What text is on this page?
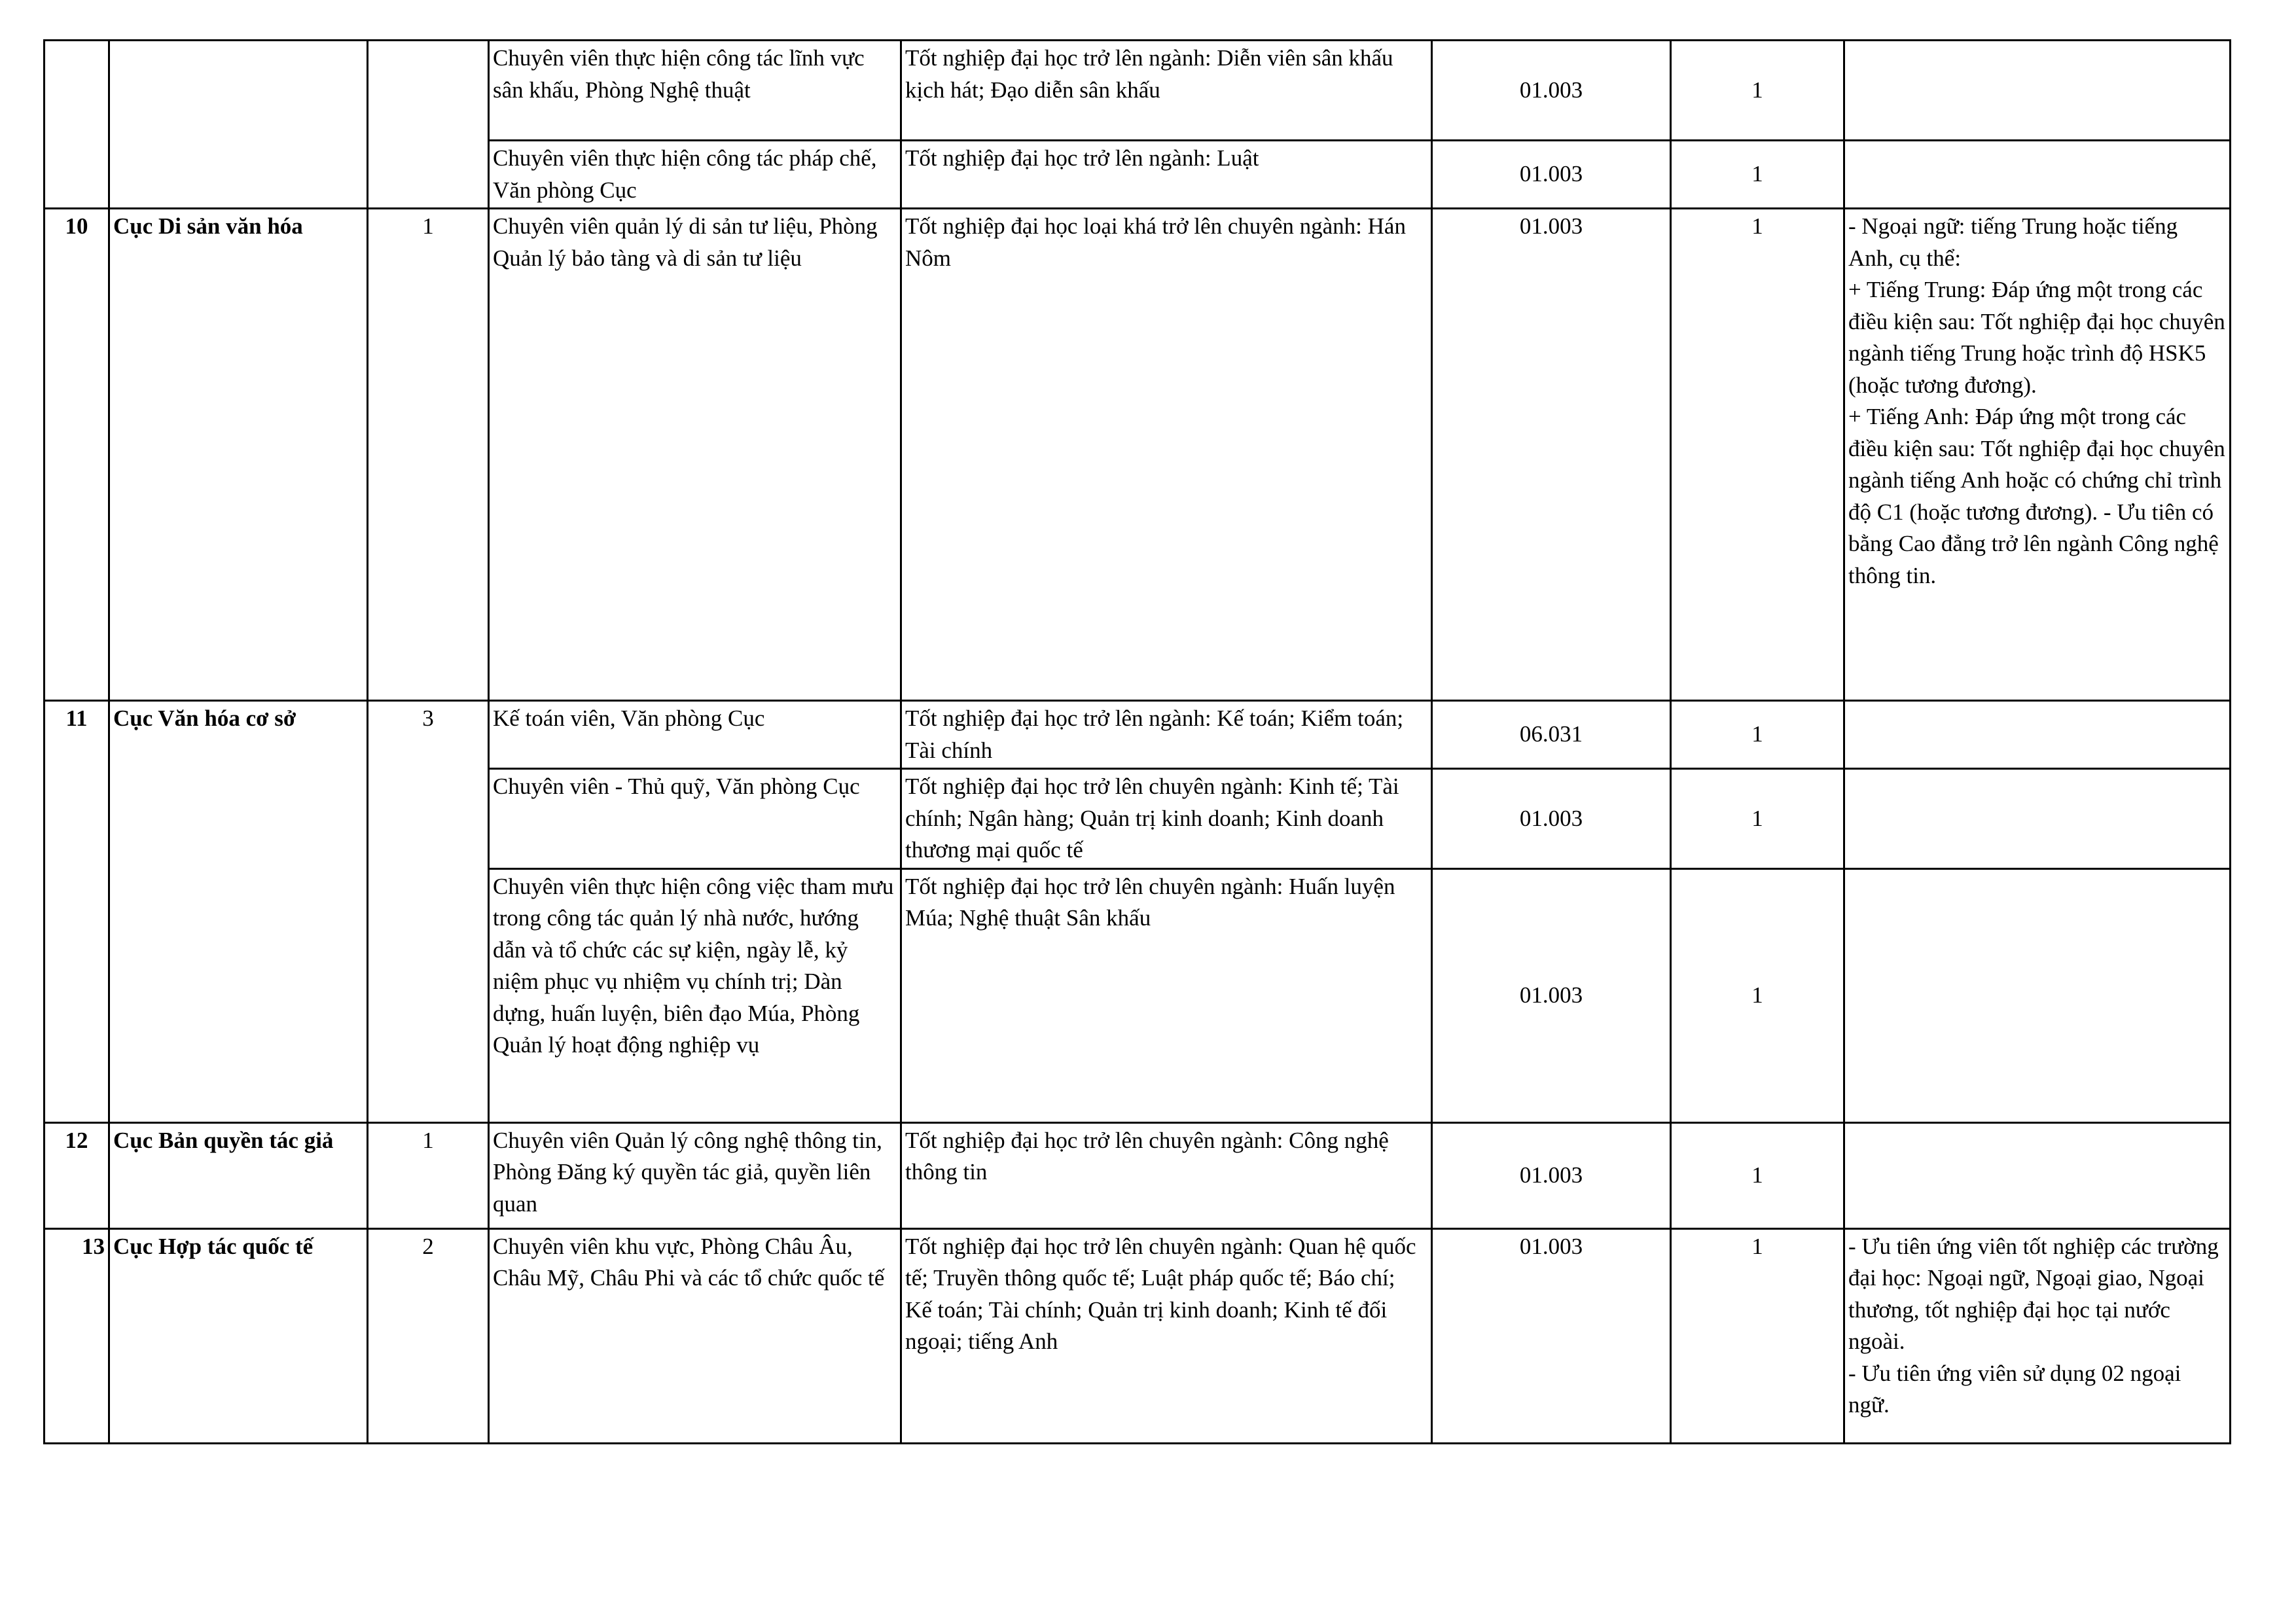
			Chuyên viên thực hiện công tác lĩnh vực sân khấu, Phòng Nghệ thuật	Tốt nghiệp đại học trở lên ngành: Diễn viên sân khấu kịch hát; Đạo diễn sân khấu	01.003	1	
			Chuyên viên thực hiện công tác pháp chế, Văn phòng Cục	Tốt nghiệp đại học trở lên ngành: Luật	01.003	1	
10	Cục Di sản văn hóa	1	Chuyên viên quản lý di sản tư liệu, Phòng Quản lý bảo tàng và di sản tư liệu	Tốt nghiệp đại học loại khá trở lên chuyên ngành: Hán Nôm	01.003	1	- Ngoại ngữ: tiếng Trung hoặc tiếng Anh, cụ thể:
+ Tiếng Trung: Đáp ứng một trong các điều kiện sau: Tốt nghiệp đại học chuyên ngành tiếng Trung hoặc trình độ HSK5 (hoặc tương đương).
+ Tiếng Anh: Đáp ứng một trong các điều kiện sau: Tốt nghiệp đại học chuyên ngành tiếng Anh hoặc có chứng chỉ trình độ C1 (hoặc tương đương). - Ưu tiên có bằng Cao đẳng trở lên ngành Công nghệ thông tin.
11	Cục Văn hóa cơ sở	3	Kế toán viên, Văn phòng Cục	Tốt nghiệp đại học trở lên ngành: Kế toán; Kiểm toán; Tài chính	06.031	1	
			Chuyên viên - Thủ quỹ, Văn phòng Cục	Tốt nghiệp đại học trở lên chuyên ngành: Kinh tế; Tài chính; Ngân hàng; Quản trị kinh doanh; Kinh doanh thương mại quốc tế	01.003	1	
			Chuyên viên thực hiện công việc tham mưu trong công tác quản lý nhà nước, hướng dẫn và tổ chức các sự kiện, ngày lễ, kỷ niệm phục vụ nhiệm vụ chính trị; Dàn dựng, huấn luyện, biên đạo Múa, Phòng Quản lý hoạt động nghiệp vụ	Tốt nghiệp đại học trở lên chuyên ngành: Huấn luyện Múa; Nghệ thuật Sân khấu	01.003	1	
12	Cục Bản quyền tác giả	1	Chuyên viên Quản lý công nghệ thông tin, Phòng Đăng ký quyền tác giả, quyền liên quan	Tốt nghiệp đại học trở lên chuyên ngành: Công nghệ thông tin	01.003	1	
13	Cục Hợp tác quốc tế	2	Chuyên viên khu vực, Phòng Châu Âu, Châu Mỹ, Châu Phi và các tổ chức quốc tế	Tốt nghiệp đại học trở lên chuyên ngành: Quan hệ quốc tế; Truyền thông quốc tế; Luật pháp quốc tế; Báo chí; Kế toán; Tài chính; Quản trị kinh doanh; Kinh tế đối ngoại; tiếng Anh	01.003	1	- Ưu tiên ứng viên tốt nghiệp các trường đại học: Ngoại ngữ, Ngoại giao, Ngoại thương, tốt nghiệp đại học tại nước ngoài.
- Ưu tiên ứng viên sử dụng 02 ngoại ngữ.
